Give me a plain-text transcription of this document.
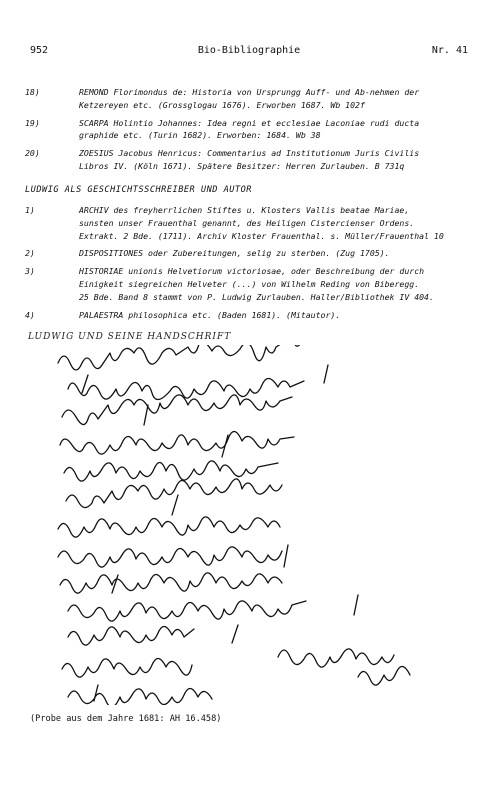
952	Bio-Bibliographie	Nr. 41
18)	REMOND Florimondus de: Historia von Ursprungg Auff- und Ab-nehmen der
Ketzereyen etc. (Grossglogau 1676). Erworben 1687. Wb 102f
19)	SCARPA Holintio Johannes: Idea regni et ecclesiae Laconiae rudi ducta
graphide etc. (Turin 1682). Erworben: 1684. Wb 38
20)	ZOESIUS Jacobus Henricus: Commentarius ad Institutionum Juris Civilis
Libros IV. (Köln 1671). Spätere Besitzer: Herren Zurlauben. B 731q
LUDWIG ALS GESCHICHTSSCHREIBER UND AUTOR
1)	ARCHIV des freyherrlichen Stiftes u. Klosters Vallis beatae Mariae,
sunsten unser Frauenthal genannt, des Heiligen Cistercienser Ordens.
Extrakt. 2 Bde. (1711). Archiv Kloster Frauenthal. s. Müller/Frauenthal 10
2)	DISPOSITIONES oder Zubereitungen, selig zu sterben. (Zug 1705).
3)	HISTORIAE unionis Helvetiorum victoriosae, oder Beschreibung der durch
Einigkeit siegreichen Helveter (...) von Wilhelm Reding von Biberegg.
25 Bde. Band 8 stammt von P. Ludwig Zurlauben. Haller/Bibliothek IV 404.
4)	PALAESTRA philosophica etc. (Baden 1681). (Mitautor).
LUDWIG UND SEINE HANDSCHRIFT
(Probe aus dem Jahre 1681: AH 16.458)
